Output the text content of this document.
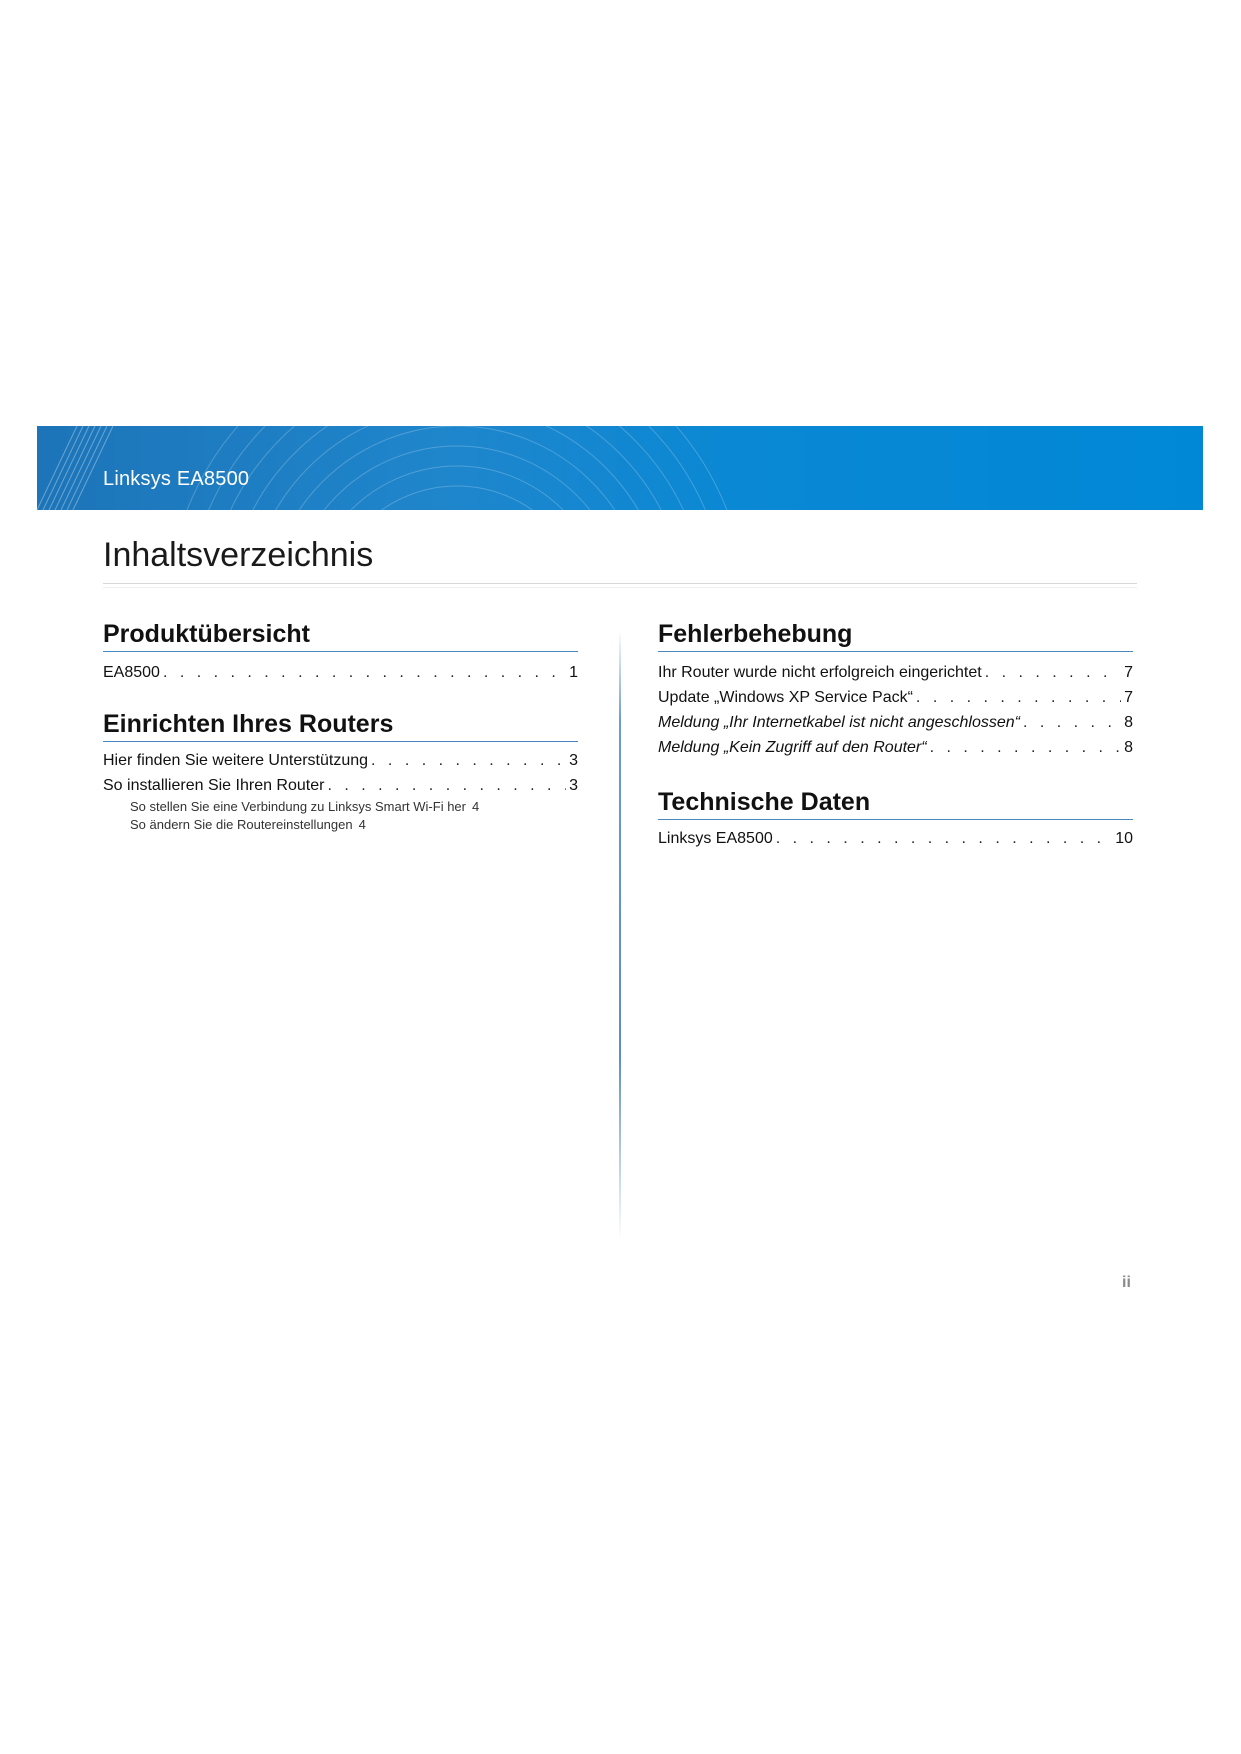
Linksys EA8500
Inhaltsverzeichnis
Produktübersicht
EA8500 . . .	1
Einrichten Ihres Routers
Hier finden Sie weitere Unterstützung . . .	3
So installieren Sie Ihren Router . . .	3
So stellen Sie eine Verbindung zu Linksys Smart Wi-Fi her 4
So ändern Sie die Routereinstellungen 4
Fehlerbehebung
Ihr Router wurde nicht erfolgreich eingerichtet . . .	7
Update „Windows XP Service Pack“ . . .	7
Meldung „Ihr Internetkabel ist nicht angeschlossen“ . . .	8
Meldung „Kein Zugriff auf den Router“ . . .	8
Technische Daten
Linksys EA8500 . . .	10
ii
